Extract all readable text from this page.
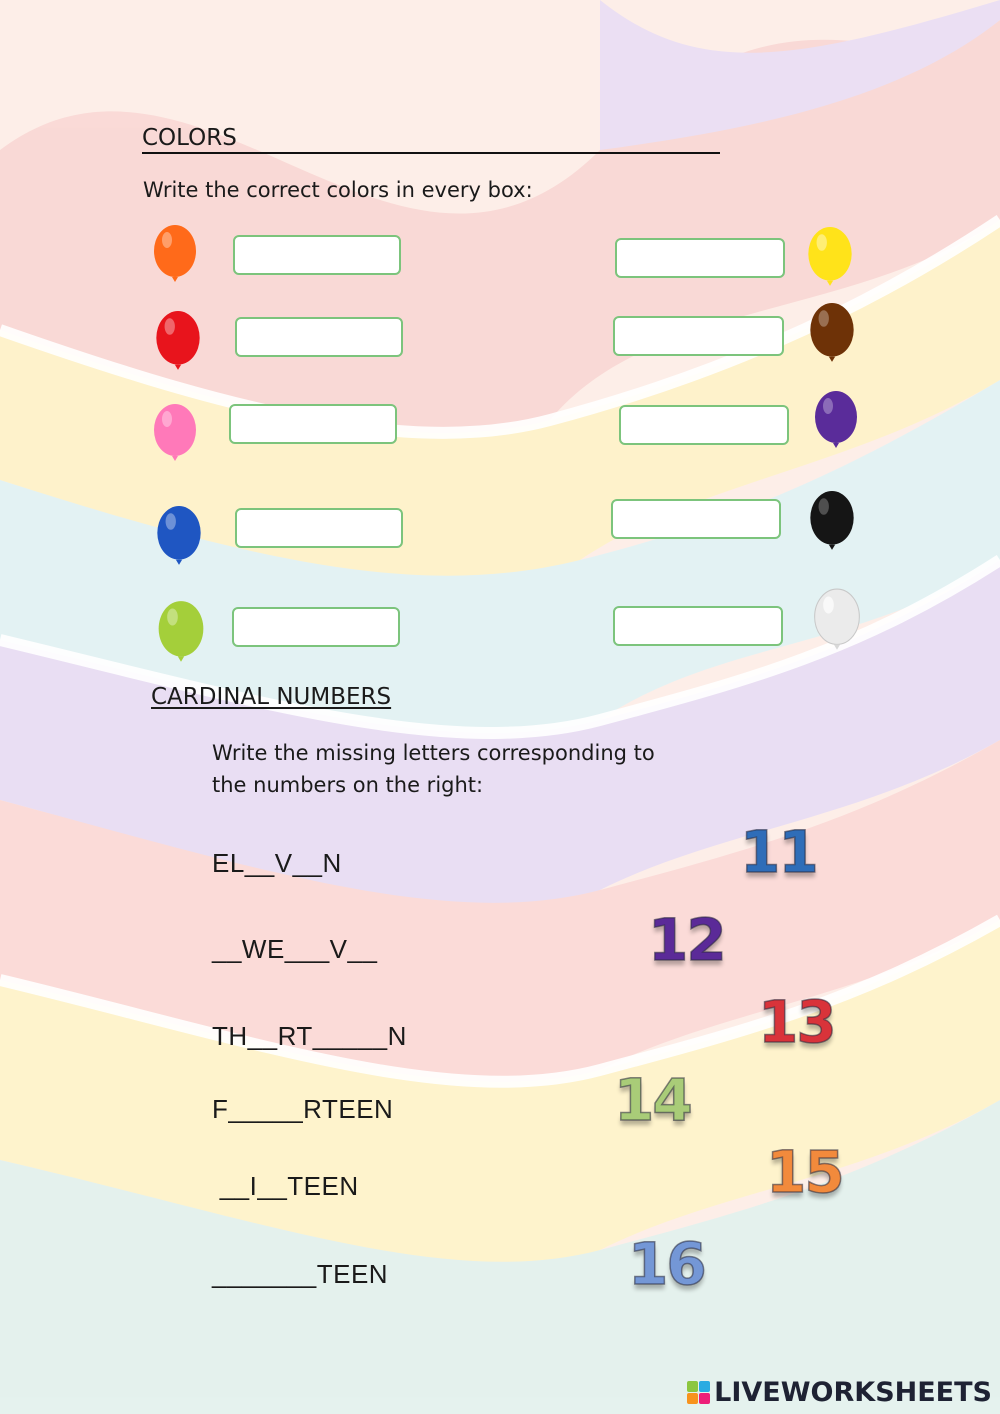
COLORS
Write the correct colors in every box:
CARDINAL NUMBERS
Write the missing letters corresponding to
the numbers on the right:
EL__V__N
__WE___V__
TH__RT_____N
F_____RTEEN
__I__TEEN
_______TEEN
11
12
13
14
15
16
LIVEWORKSHEETS
